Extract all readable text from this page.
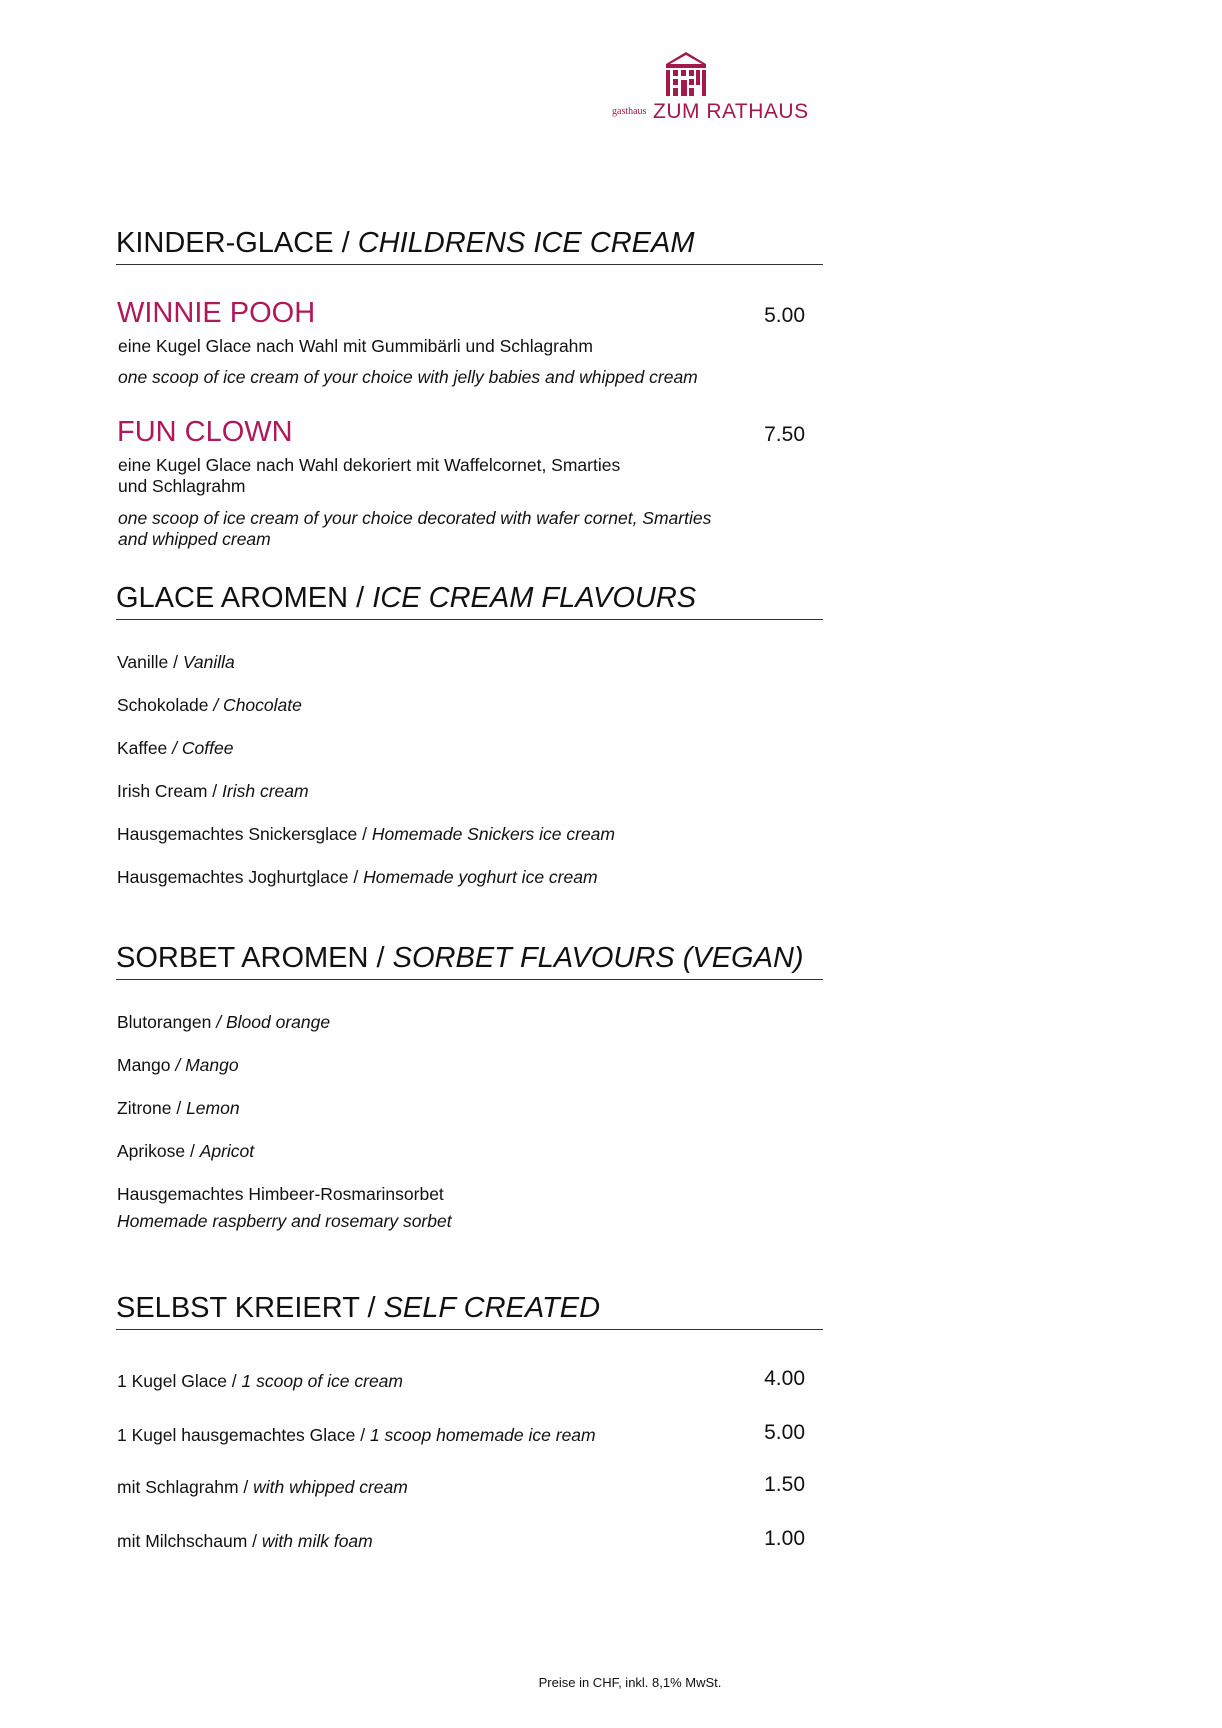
gasthaus ZUM RATHAUS
KINDER-GLACE / CHILDRENS ICE CREAM
WINNIE POOH	5.00
eine Kugel Glace nach Wahl mit Gummibärli und Schlagrahm
one scoop of ice cream of your choice with jelly babies and whipped cream
FUN CLOWN	7.50
eine Kugel Glace nach Wahl dekoriert mit Waffelcornet, Smarties
und Schlagrahm
one scoop of ice cream of your choice decorated with wafer cornet, Smarties
and whipped cream
GLACE AROMEN / ICE CREAM FLAVOURS
Vanille / Vanilla
Schokolade / Chocolate
Kaffee / Coffee
Irish Cream / Irish cream
Hausgemachtes Snickersglace / Homemade Snickers ice cream
Hausgemachtes Joghurtglace / Homemade yoghurt ice cream
SORBET AROMEN / SORBET FLAVOURS (VEGAN)
Blutorangen / Blood orange
Mango / Mango
Zitrone / Lemon
Aprikose / Apricot
Hausgemachtes Himbeer-Rosmarinsorbet
Homemade raspberry and rosemary sorbet
SELBST KREIERT / SELF CREATED
1 Kugel Glace / 1 scoop of ice cream	4.00
1 Kugel hausgemachtes Glace / 1 scoop homemade ice ream	5.00
mit Schlagrahm / with whipped cream	1.50
mit Milchschaum / with milk foam	1.00
Preise in CHF, inkl. 8,1% MwSt.
